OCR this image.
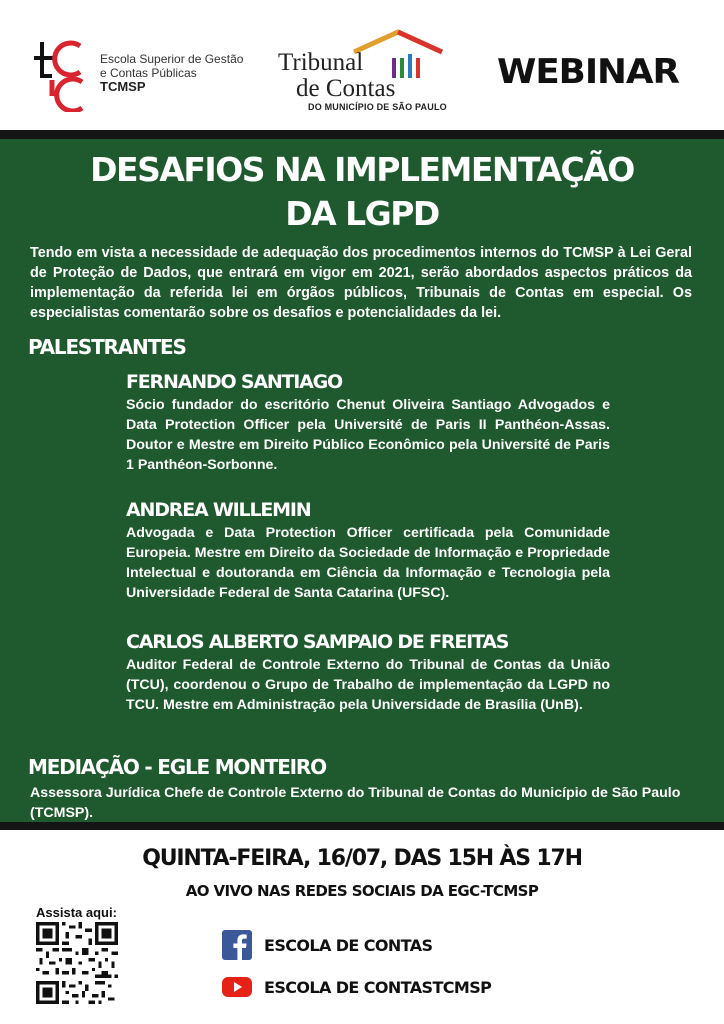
EGC
Escola Superior de Gestão
e Contas Públicas
TCMSP
Tribunal
de Contas
DO MUNICÍPIO DE SÃO PAULO
WEBINAR
DESAFIOS NA IMPLEMENTAÇÃO
DA LGPD
Tendo em vista a necessidade de adequação dos procedimentos internos do TCMSP à Lei Geral de Proteção de Dados, que entrará em vigor em 2021, serão abordados aspectos práticos da implementação da referida lei em órgãos públicos, Tribunais de Contas em especial. Os especialistas comentarão sobre os desafios e potencialidades da lei.
PALESTRANTES
FERNANDO SANTIAGO
Sócio fundador do escritório Chenut Oliveira Santiago Advogados e Data Protection Officer pela Université de Paris II Panthéon-Assas. Doutor e Mestre em Direito Público Econômico pela Université de Paris 1 Panthéon-Sorbonne.
ANDREA WILLEMIN
Advogada e Data Protection Officer certificada pela Comunidade Europeia. Mestre em Direito da Sociedade de Informação e Propriedade Intelectual e doutoranda em Ciência da Informação e Tecnologia pela Universidade Federal de Santa Catarina (UFSC).
CARLOS ALBERTO SAMPAIO DE FREITAS
Auditor Federal de Controle Externo do Tribunal de Contas da União (TCU), coordenou o Grupo de Trabalho de implementação da LGPD no TCU. Mestre em Administração pela Universidade de Brasília (UnB).
MEDIAÇÃO - EGLE MONTEIRO
Assessora Jurídica Chefe de Controle Externo do Tribunal de Contas do Município de São Paulo (TCMSP).
QUINTA-FEIRA, 16/07, DAS 15H ÀS 17H
AO VIVO NAS REDES SOCIAIS DA EGC-TCMSP
Assista aqui:
ESCOLA DE CONTAS
ESCOLA DE CONTASTCMSP
